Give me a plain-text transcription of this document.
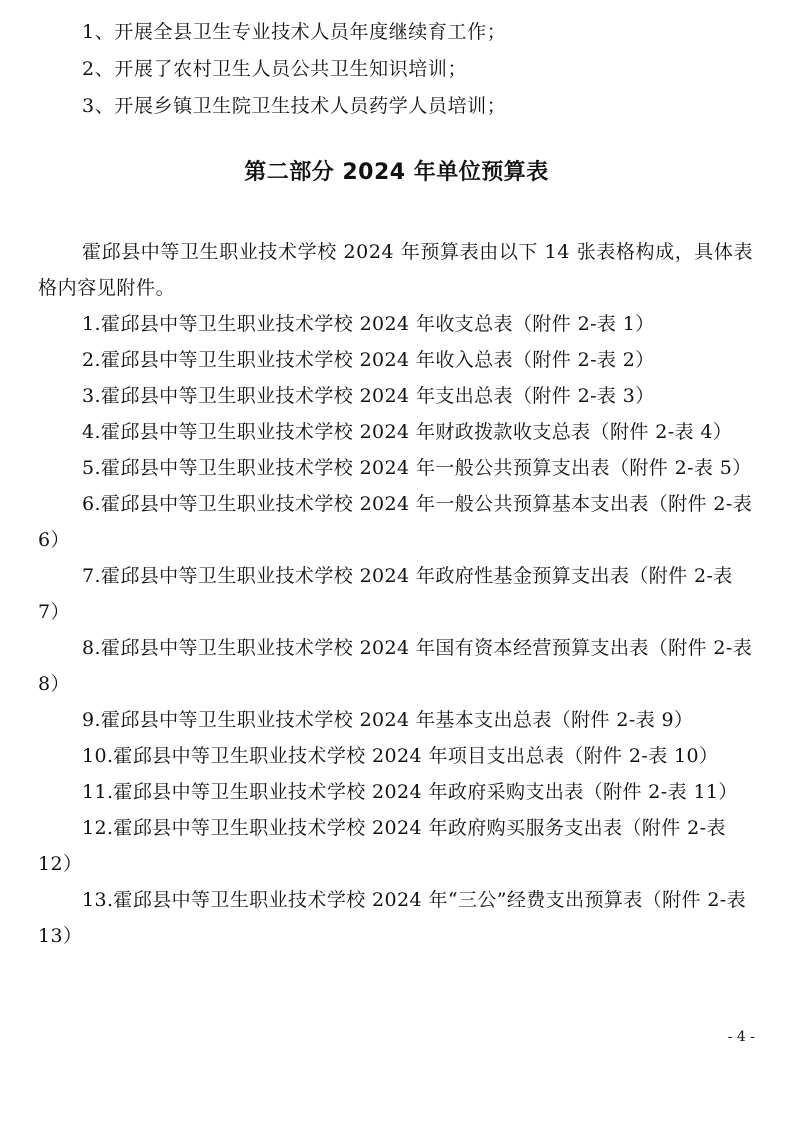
1、开展全县卫生专业技术人员年度继续育工作；
2、开展了农村卫生人员公共卫生知识培训；
3、开展乡镇卫生院卫生技术人员药学人员培训；
第二部分 2024 年单位预算表
霍邱县中等卫生职业技术学校 2024 年预算表由以下 14 张表格构成，具体表格内容见附件。
1.霍邱县中等卫生职业技术学校 2024 年收支总表（附件 2-表 1）
2.霍邱县中等卫生职业技术学校 2024 年收入总表（附件 2-表 2）
3.霍邱县中等卫生职业技术学校 2024 年支出总表（附件 2-表 3）
4.霍邱县中等卫生职业技术学校 2024 年财政拨款收支总表（附件 2-表 4）
5.霍邱县中等卫生职业技术学校 2024 年一般公共预算支出表（附件 2-表 5）
6.霍邱县中等卫生职业技术学校 2024 年一般公共预算基本支出表（附件 2-表 6）
7.霍邱县中等卫生职业技术学校 2024 年政府性基金预算支出表（附件 2-表 7）
8.霍邱县中等卫生职业技术学校 2024 年国有资本经营预算支出表（附件 2-表 8）
9.霍邱县中等卫生职业技术学校 2024 年基本支出总表（附件 2-表 9）
10.霍邱县中等卫生职业技术学校 2024 年项目支出总表（附件 2-表 10）
11.霍邱县中等卫生职业技术学校 2024 年政府采购支出表（附件 2-表 11）
12.霍邱县中等卫生职业技术学校 2024 年政府购买服务支出表（附件 2-表 12）
13.霍邱县中等卫生职业技术学校 2024 年“三公”经费支出预算表（附件 2-表 13）
- 4 -
